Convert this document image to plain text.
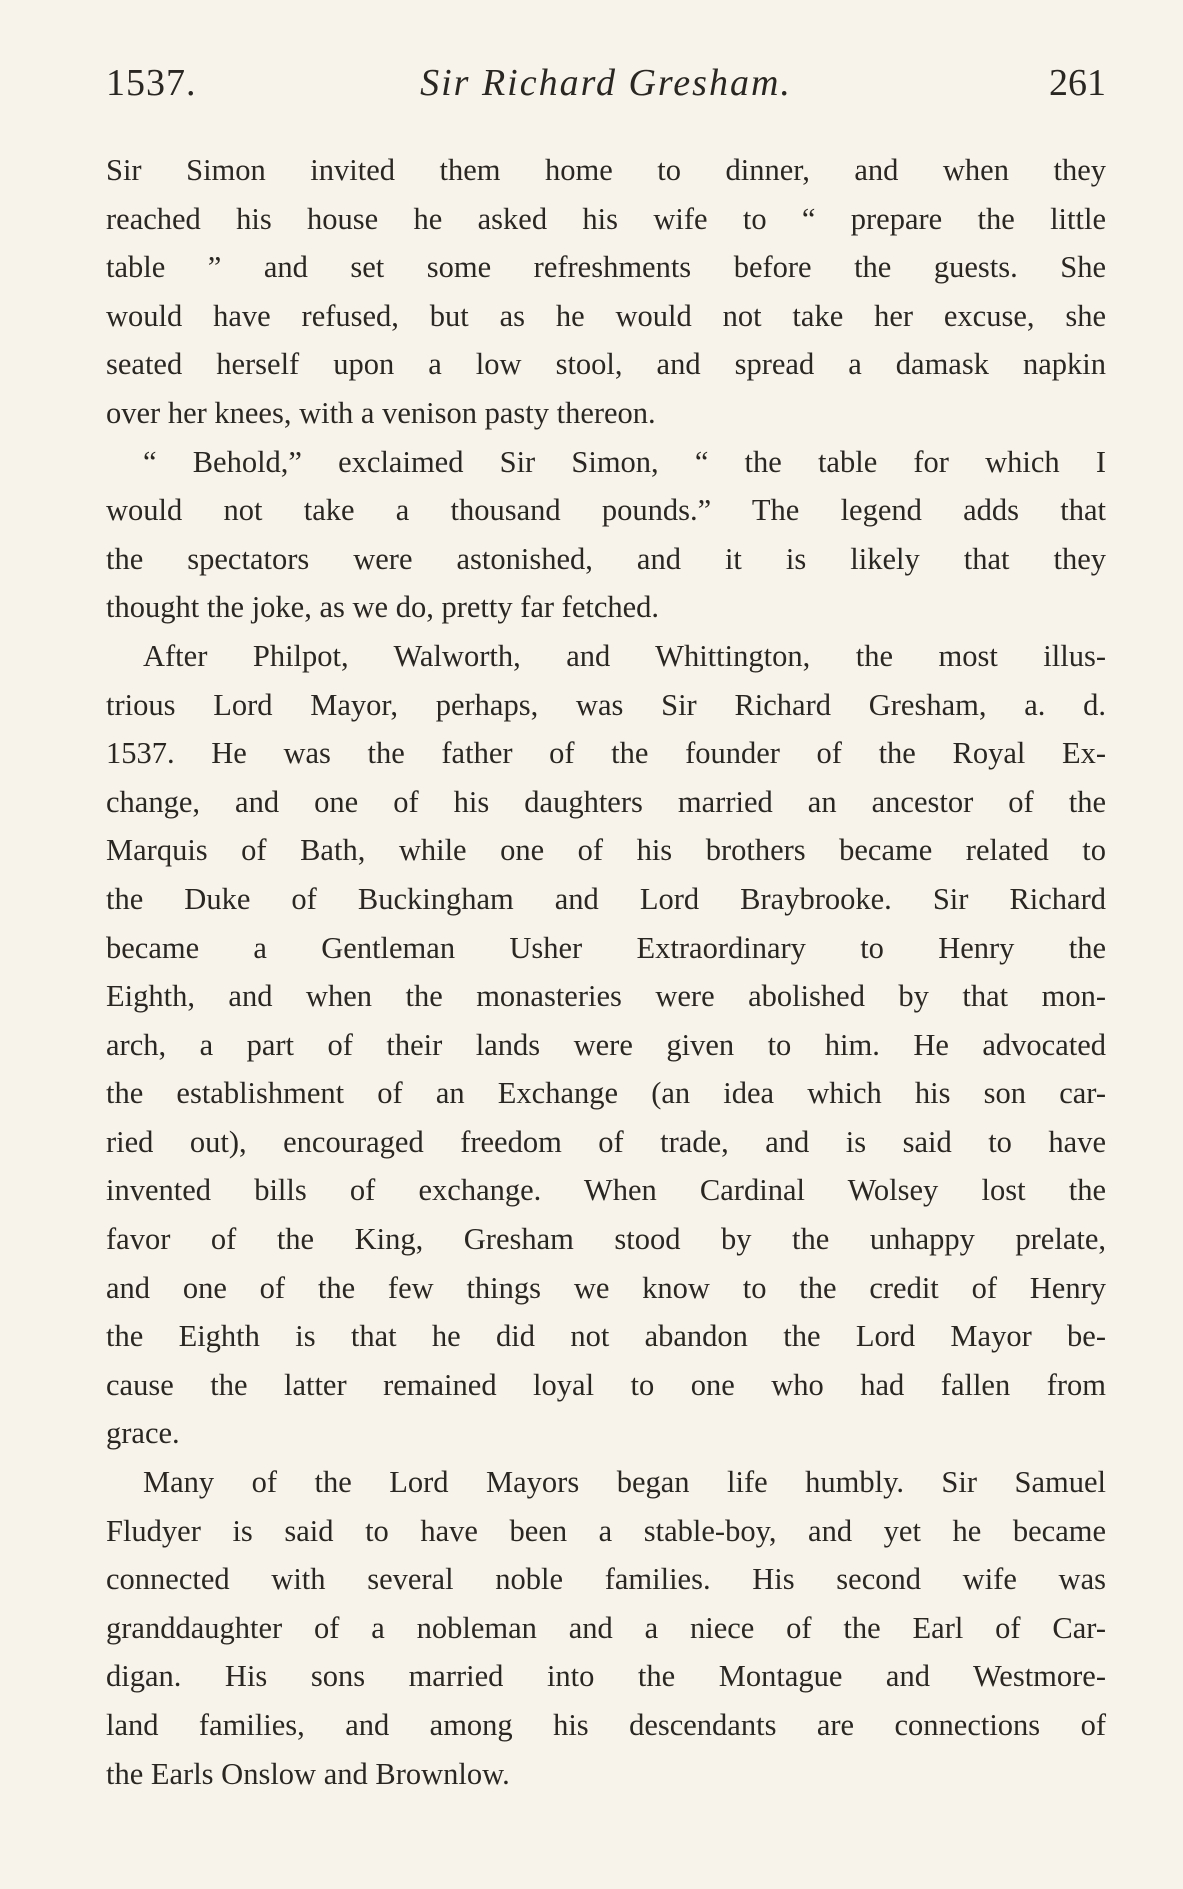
1537.	Sir Richard Gresham.	261
Sir Simon invited them home to dinner, and when they
reached his house he asked his wife to “ prepare the little
table ” and set some refreshments before the guests. She
would have refused, but as he would not take her excuse, she
seated herself upon a low stool, and spread a damask napkin
over her knees, with a venison pasty thereon.
“ Behold,” exclaimed Sir Simon, “ the table for which I
would not take a thousand pounds.” The legend adds that
the spectators were astonished, and it is likely that they
thought the joke, as we do, pretty far fetched.
After Philpot, Walworth, and Whittington, the most illus-
trious Lord Mayor, perhaps, was Sir Richard Gresham, a. d.
1537. He was the father of the founder of the Royal Ex-
change, and one of his daughters married an ancestor of the
Marquis of Bath, while one of his brothers became related to
the Duke of Buckingham and Lord Braybrooke. Sir Richard
became a Gentleman Usher Extraordinary to Henry the
Eighth, and when the monasteries were abolished by that mon-
arch, a part of their lands were given to him. He advocated
the establishment of an Exchange (an idea which his son car-
ried out), encouraged freedom of trade, and is said to have
invented bills of exchange. When Cardinal Wolsey lost the
favor of the King, Gresham stood by the unhappy prelate,
and one of the few things we know to the credit of Henry
the Eighth is that he did not abandon the Lord Mayor be-
cause the latter remained loyal to one who had fallen from
grace.
Many of the Lord Mayors began life humbly. Sir Samuel
Fludyer is said to have been a stable-boy, and yet he became
connected with several noble families. His second wife was
granddaughter of a nobleman and a niece of the Earl of Car-
digan. His sons married into the Montague and Westmore-
land families, and among his descendants are connections of
the Earls Onslow and Brownlow.
